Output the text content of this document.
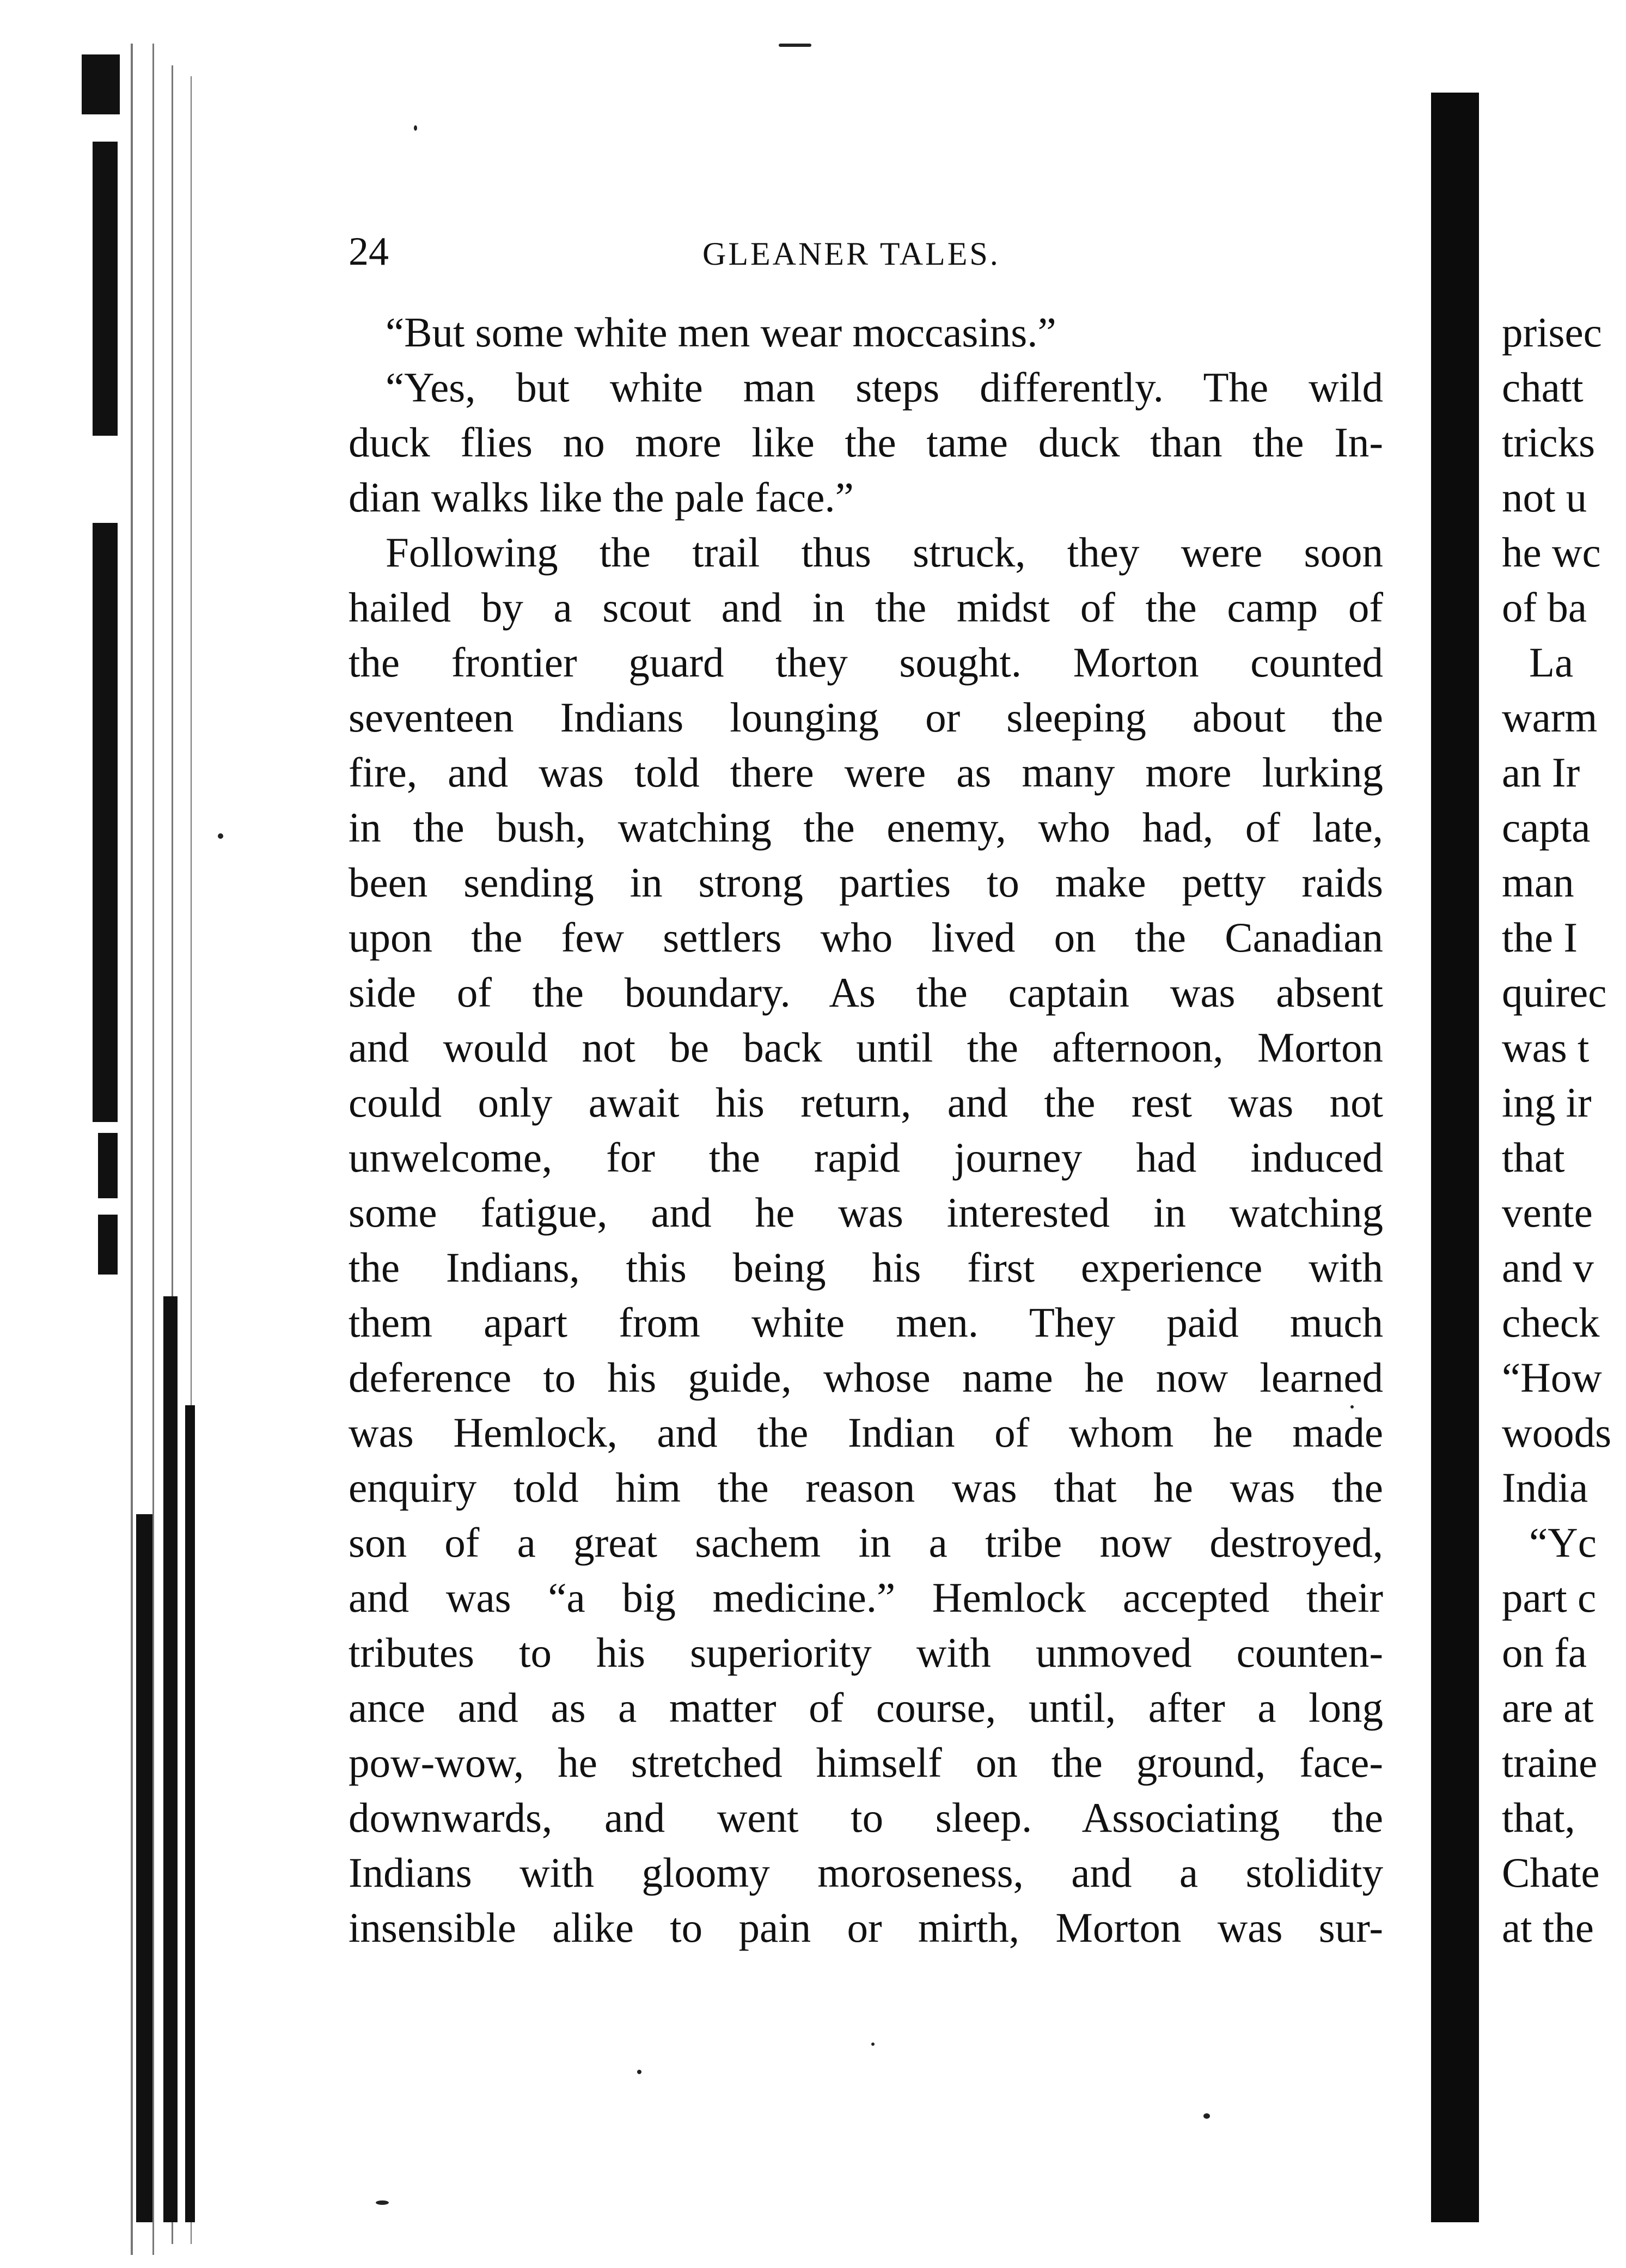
24	GLEANER TALES.
“But some white men wear moccasins.”
“Yes, but white man steps differently. The wild
duck flies no more like the tame duck than the In-
dian walks like the pale face.”
Following the trail thus struck, they were soon
hailed by a scout and in the midst of the camp of
the frontier guard they sought. Morton counted
seventeen Indians lounging or sleeping about the
fire, and was told there were as many more lurking
in the bush, watching the enemy, who had, of late,
been sending in strong parties to make petty raids
upon the few settlers who lived on the Canadian
side of the boundary. As the captain was absent
and would not be back until the afternoon, Morton
could only await his return, and the rest was not
unwelcome, for the rapid journey had induced
some fatigue, and he was interested in watching
the Indians, this being his first experience with
them apart from white men. They paid much
deference to his guide, whose name he now learned
was Hemlock, and the Indian of whom he made
enquiry told him the reason was that he was the
son of a great sachem in a tribe now destroyed,
and was “a big medicine.” Hemlock accepted their
tributes to his superiority with unmoved counten-
ance and as a matter of course, until, after a long
pow-wow, he stretched himself on the ground, face-
downwards, and went to sleep. Associating the
Indians with gloomy moroseness, and a stolidity
insensible alike to pain or mirth, Morton was sur-
prisec
chatt
tricks
not u
he wc
of ba
La
warm
an Ir
capta
man
the I
quirec
was t
ing ir
that
vente
and v
check
“How
woods
India
“Yc
part c
on fa
are at
traine
that,
Chate
at the
